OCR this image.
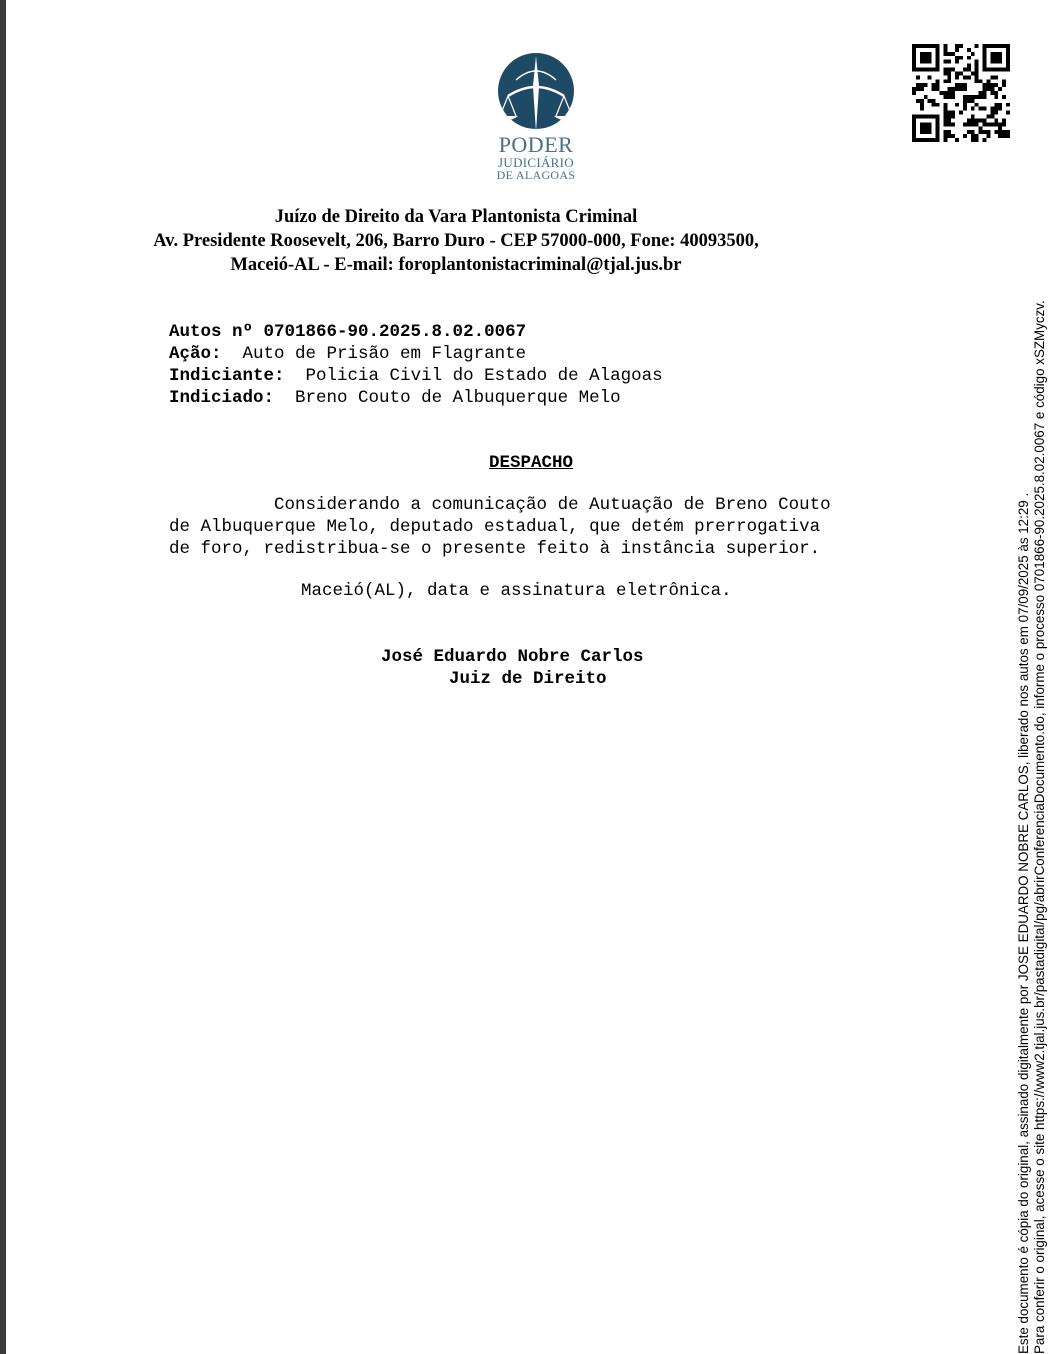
PODER
JUDICIÁRIO
DE ALAGOAS
Juízo de Direito da Vara Plantonista Criminal
Av. Presidente Roosevelt, 206, Barro Duro - CEP 57000-000, Fone: 40093500,
Maceió-AL - E-mail: foroplantonistacriminal@tjal.jus.br
Autos nº 0701866-90.2025.8.02.0067
Ação: Auto de Prisão em Flagrante
Indiciante: Policia Civil do Estado de Alagoas
Indiciado: Breno Couto de Albuquerque Melo
DESPACHO
Considerando a comunicação de Autuação de Breno Couto
de Albuquerque Melo, deputado estadual, que detém prerrogativa
de foro, redistribua-se o presente feito à instância superior.
Maceió(AL), data e assinatura eletrônica.
José Eduardo Nobre Carlos
Juiz de Direito	Este documento é cópia do original, assinado digitalmente por JOSE EDUARDO NOBRE CARLOS, liberado nos autos em 07/09/2025 às 12:29 . Para conferir o original, acesse o site https://www2.tjal.jus.br/pastadigital/pg/abrirConferenciaDocumento.do, informe o processo 0701866-90.2025.8.02.0067 e código xSZMyczv.
